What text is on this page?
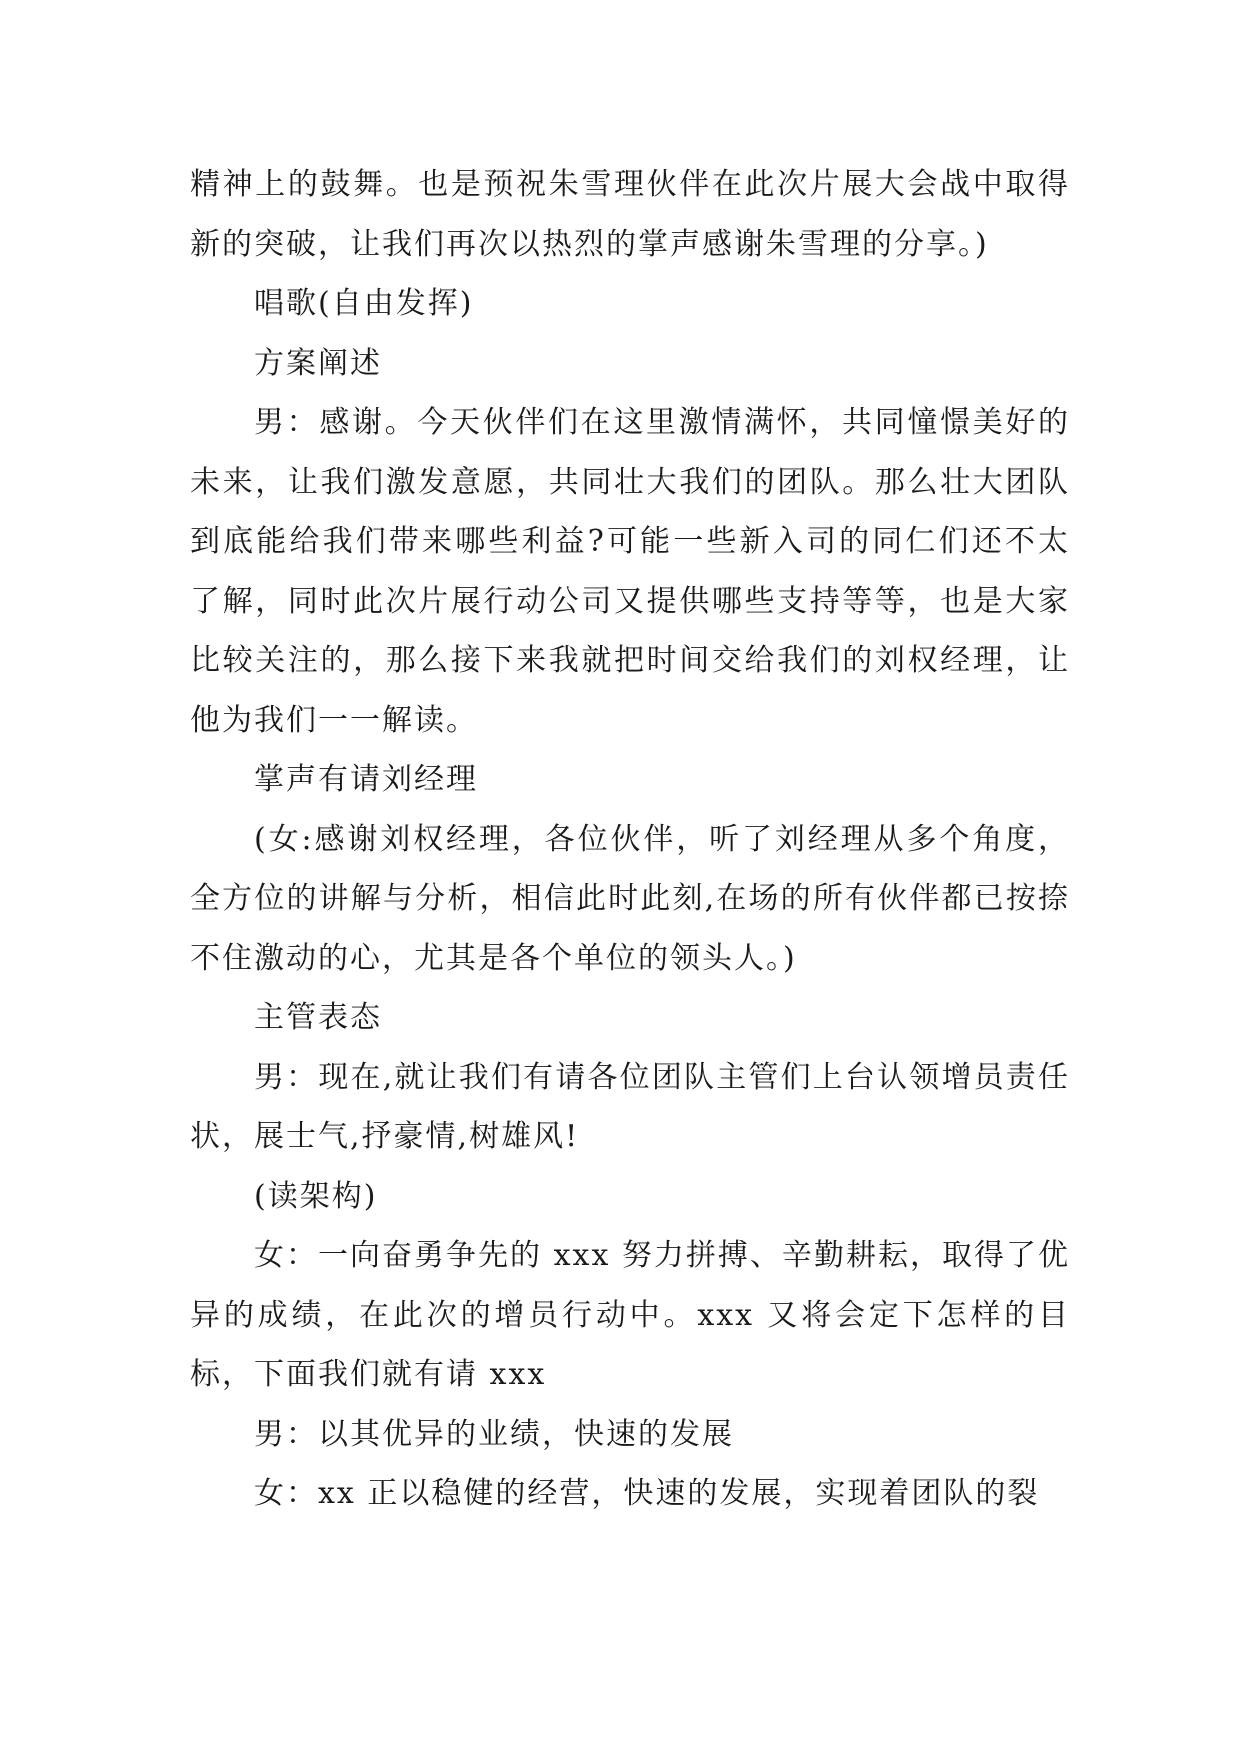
精神上的鼓舞。也是预祝朱雪理伙伴在此次片展大会战中取得新的突破，让我们再次以热烈的掌声感谢朱雪理的分享。)

唱歌(自由发挥)

方案阐述

男：感谢。今天伙伴们在这里激情满怀，共同憧憬美好的未来，让我们激发意愿，共同壮大我们的团队。那么壮大团队到底能给我们带来哪些利益?可能一些新入司的同仁们还不太了解，同时此次片展行动公司又提供哪些支持等等，也是大家比较关注的，那么接下来我就把时间交给我们的刘权经理，让他为我们一一解读。

掌声有请刘经理

(女:感谢刘权经理，各位伙伴，听了刘经理从多个角度，全方位的讲解与分析，相信此时此刻,在场的所有伙伴都已按捺不住激动的心，尤其是各个单位的领头人。)

主管表态

男：现在,就让我们有请各位团队主管们上台认领增员责任状，展士气,抒豪情,树雄风!

(读架构)

女：一向奋勇争先的 xxx 努力拼搏、辛勤耕耘，取得了优异的成绩，在此次的增员行动中。xxx 又将会定下怎样的目标，下面我们就有请 xxx

男：以其优异的业绩，快速的发展

女：xx 正以稳健的经营，快速的发展，实现着团队的裂
